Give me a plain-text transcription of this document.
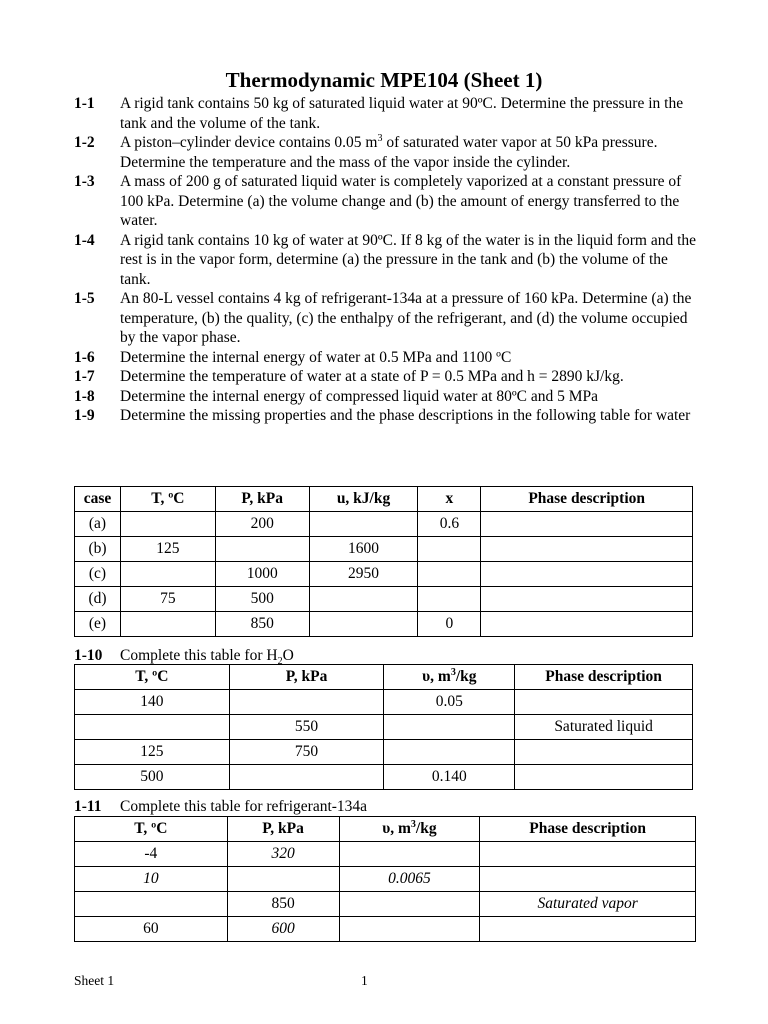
Thermodynamic MPE104 (Sheet 1)
1-1	A rigid tank contains 50 kg of saturated liquid water at 90ºC. Determine the pressure in the tank and the volume of the tank.
1-2	A piston–cylinder device contains 0.05 $m^3$ of saturated water vapor at 50 kPa pressure. Determine the temperature and the mass of the vapor inside the cylinder.
1-3	A mass of 200 g of saturated liquid water is completely vaporized at a constant pressure of 100 kPa. Determine (a) the volume change and (b) the amount of energy transferred to the water.
1-4	A rigid tank contains 10 kg of water at 90ºC. If 8 kg of the water is in the liquid form and the rest is in the vapor form, determine (a) the pressure in the tank and (b) the volume of the tank.
1-5	An 80-L vessel contains 4 kg of refrigerant-134a at a pressure of 160 kPa. Determine (a) the temperature, (b) the quality, (c) the enthalpy of the refrigerant, and (d) the volume occupied by the vapor phase.
1-6	Determine the internal energy of water at 0.5 MPa and 1100 ºC
1-7	Determine the temperature of water at a state of P = 0.5 MPa and h = 2890 kJ/kg.
1-8	Determine the internal energy of compressed liquid water at 80ºC and 5 MPa
1-9	Determine the missing properties and the phase descriptions in the following table for water
case	T, ºC	P, kPa	u, kJ/kg	x	Phase description
(a)		200		0.6	
(b)	125		1600		
(c)		1000	2950		
(d)	75	500			
(e)		850		0	
1-10	Complete this table for $H_2O$
T, ºC	P, kPa	υ, $m^3/kg$	Phase description
140		0.05	
	550		Saturated liquid
125	750		
500		0.140	
1-11	Complete this table for refrigerant-134a
T, ºC	P, kPa	υ, $m^3/kg$	Phase description
-4	320		
10		0.0065	
	850		Saturated vapor
60	600		
Sheet 1	1
